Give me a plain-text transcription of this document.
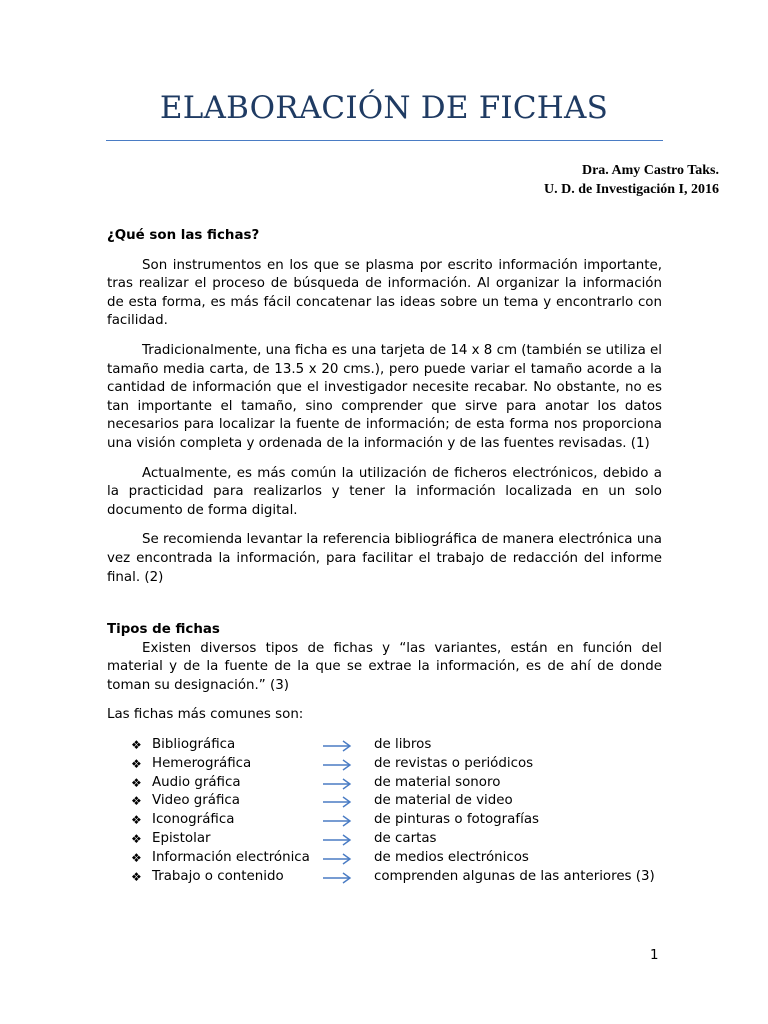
ELABORACIÓN DE FICHAS
Dra. Amy Castro Taks.
U. D. de Investigación I, 2016
¿Qué son las fichas?

Son instrumentos en los que se plasma por escrito información importante, tras realizar el proceso de búsqueda de información. Al organizar la información de esta forma, es más fácil concatenar las ideas sobre un tema y encontrarlo con facilidad.

Tradicionalmente, una ficha es una tarjeta de 14 x 8 cm (también se utiliza el tamaño media carta, de 13.5 x 20 cms.), pero puede variar el tamaño acorde a la cantidad de información que el investigador necesite recabar. No obstante, no es tan importante el tamaño, sino comprender que sirve para anotar los datos necesarios para localizar la fuente de información; de esta forma nos proporciona una visión completa y ordenada de la información y de las fuentes revisadas. (1)

Actualmente, es más común la utilización de ficheros electrónicos, debido a la practicidad para realizarlos y tener la información localizada en un solo documento de forma digital.

Se recomienda levantar la referencia bibliográfica de manera electrónica una vez encontrada la información, para facilitar el trabajo de redacción del informe final. (2)

Tipos de fichas

Existen diversos tipos de fichas y “las variantes, están en función del material y de la fuente de la que se extrae la información, es de ahí de donde toman su designación.” (3)

Las fichas más comunes son:

❖ Bibliográfica	de libros
❖ Hemerográfica	de revistas o periódicos
❖ Audio gráfica	de material sonoro
❖ Video gráfica	de material de video
❖ Iconográfica	de pinturas o fotografías
❖ Epistolar	de cartas
❖ Información electrónica	de medios electrónicos
❖ Trabajo o contenido	comprenden algunas de las anteriores (3)
1
